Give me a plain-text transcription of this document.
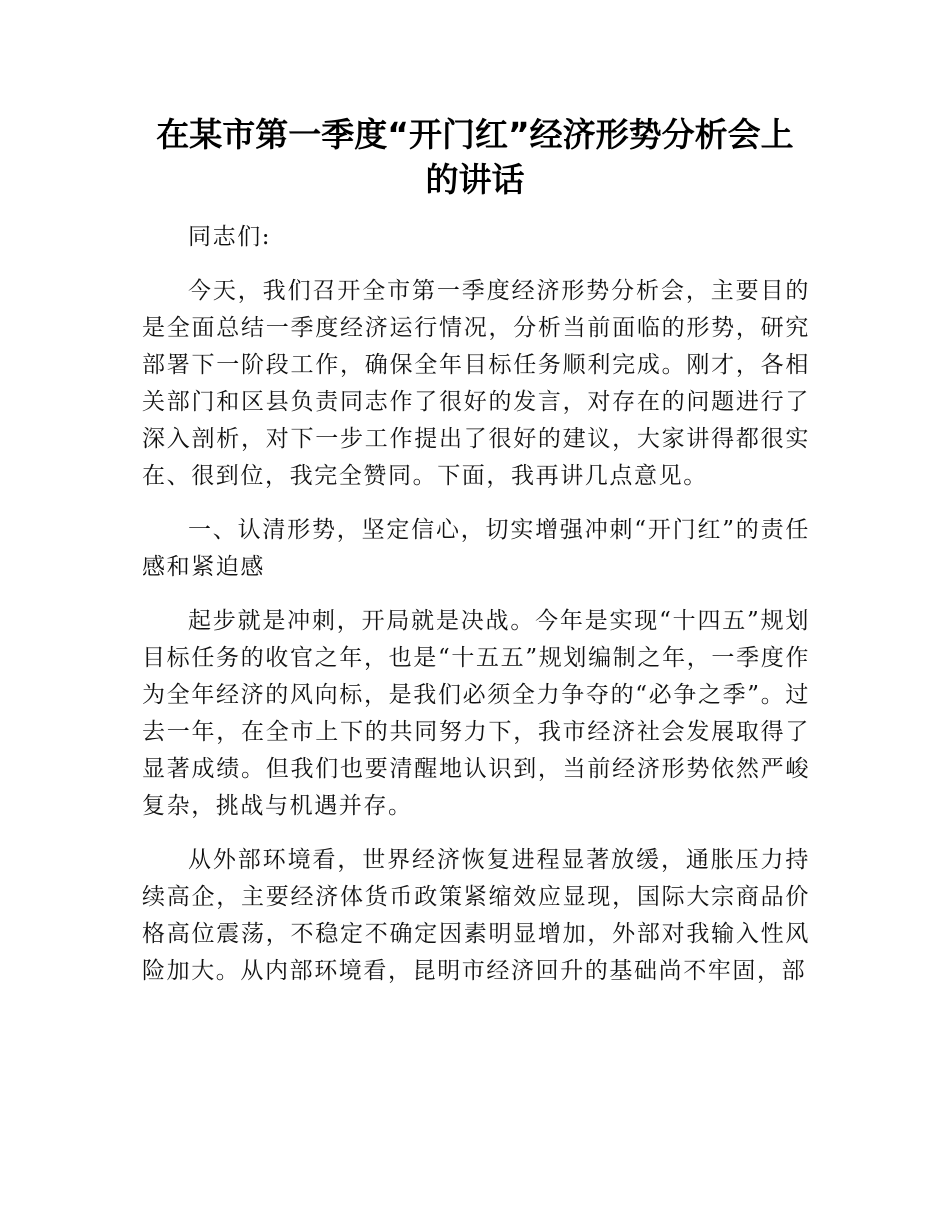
在某市第一季度“开门红”经济形势分析会上的讲话

同志们:

今天，我们召开全市第一季度经济形势分析会，主要目的是全面总结一季度经济运行情况，分析当前面临的形势，研究部署下一阶段工作，确保全年目标任务顺利完成。刚才，各相关部门和区县负责同志作了很好的发言，对存在的问题进行了深入剖析，对下一步工作提出了很好的建议，大家讲得都很实在、很到位，我完全赞同。下面，我再讲几点意见。

一、认清形势，坚定信心，切实增强冲刺“开门红”的责任感和紧迫感

起步就是冲刺，开局就是决战。今年是实现“十四五”规划目标任务的收官之年，也是“十五五”规划编制之年，一季度作为全年经济的风向标，是我们必须全力争夺的“必争之季”。过去一年，在全市上下的共同努力下，我市经济社会发展取得了显著成绩。但我们也要清醒地认识到，当前经济形势依然严峻复杂，挑战与机遇并存。

从外部环境看，世界经济恢复进程显著放缓，通胀压力持续高企，主要经济体货币政策紧缩效应显现，国际大宗商品价格高位震荡，不稳定不确定因素明显增加，外部对我输入性风险加大。从内部环境看，昆明市经济回升的基础尚不牢固，部
